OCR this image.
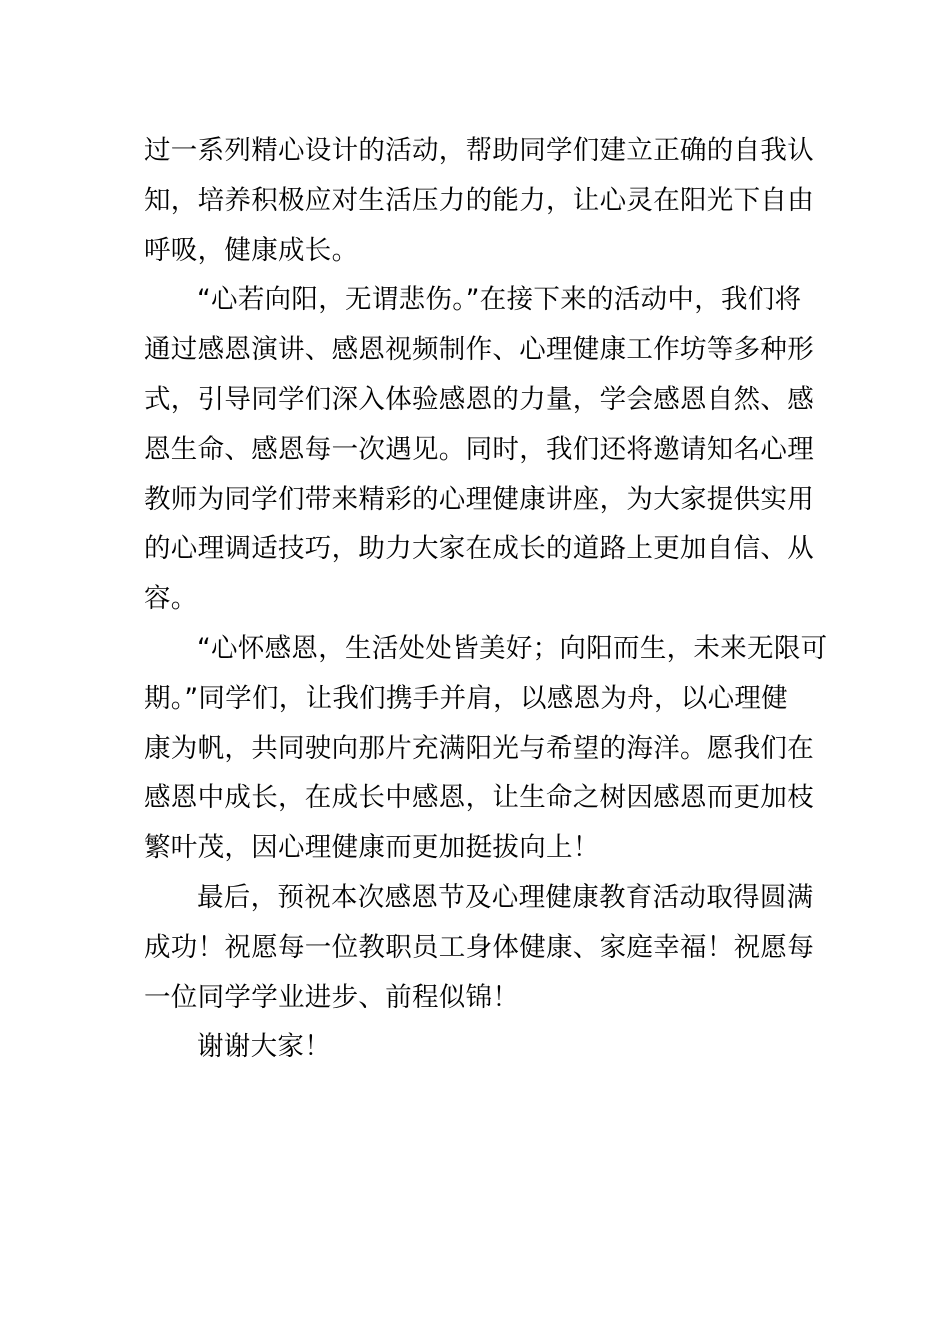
过一系列精心设计的活动，帮助同学们建立正确的自我认
知，培养积极应对生活压力的能力，让心灵在阳光下自由
呼吸，健康成长。
“心若向阳，无谓悲伤。”在接下来的活动中，我们将
通过感恩演讲、感恩视频制作、心理健康工作坊等多种形
式，引导同学们深入体验感恩的力量，学会感恩自然、感
恩生命、感恩每一次遇见。同时，我们还将邀请知名心理
教师为同学们带来精彩的心理健康讲座，为大家提供实用
的心理调适技巧，助力大家在成长的道路上更加自信、从
容。
“心怀感恩，生活处处皆美好；向阳而生，未来无限可
期。”同学们，让我们携手并肩，以感恩为舟，以心理健
康为帆，共同驶向那片充满阳光与希望的海洋。愿我们在
感恩中成长，在成长中感恩，让生命之树因感恩而更加枝
繁叶茂，因心理健康而更加挺拔向上！
最后，预祝本次感恩节及心理健康教育活动取得圆满
成功！祝愿每一位教职员工身体健康、家庭幸福！祝愿每
一位同学学业进步、前程似锦！
谢谢大家！
